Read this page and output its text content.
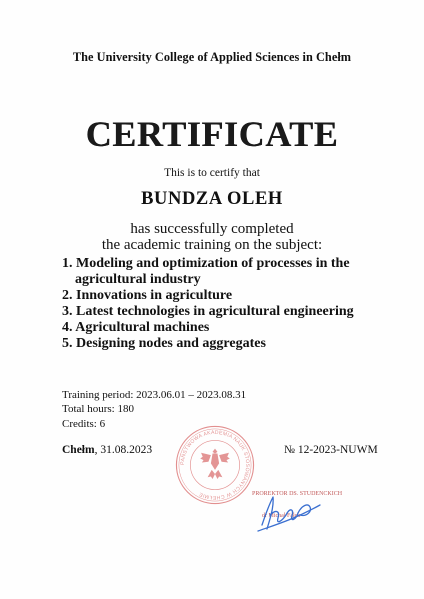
The University College of Applied Sciences in Chełm
CERTIFICATE
This is to certify that
BUNDZA OLEH
has successfully completed
the academic training on the subject:

1. Modeling and optimization of processes in the
agricultural industry

2. Innovations in agriculture

3. Latest technologies in agricultural engineering

4. Agricultural machines

5. Designing nodes and aggregates

Training period: 2023.06.01 – 2023.08.31
Total hours: 180
Credits: 6
Chełm, 31.08.2023	№ 12-2023-NUWM
PAŃSTWOWA AKADEMIA NAUK STOSOWANYCH W CHEŁMIE	PROREKTOR DS. STUDENCKICH
dr Michał Fałek
